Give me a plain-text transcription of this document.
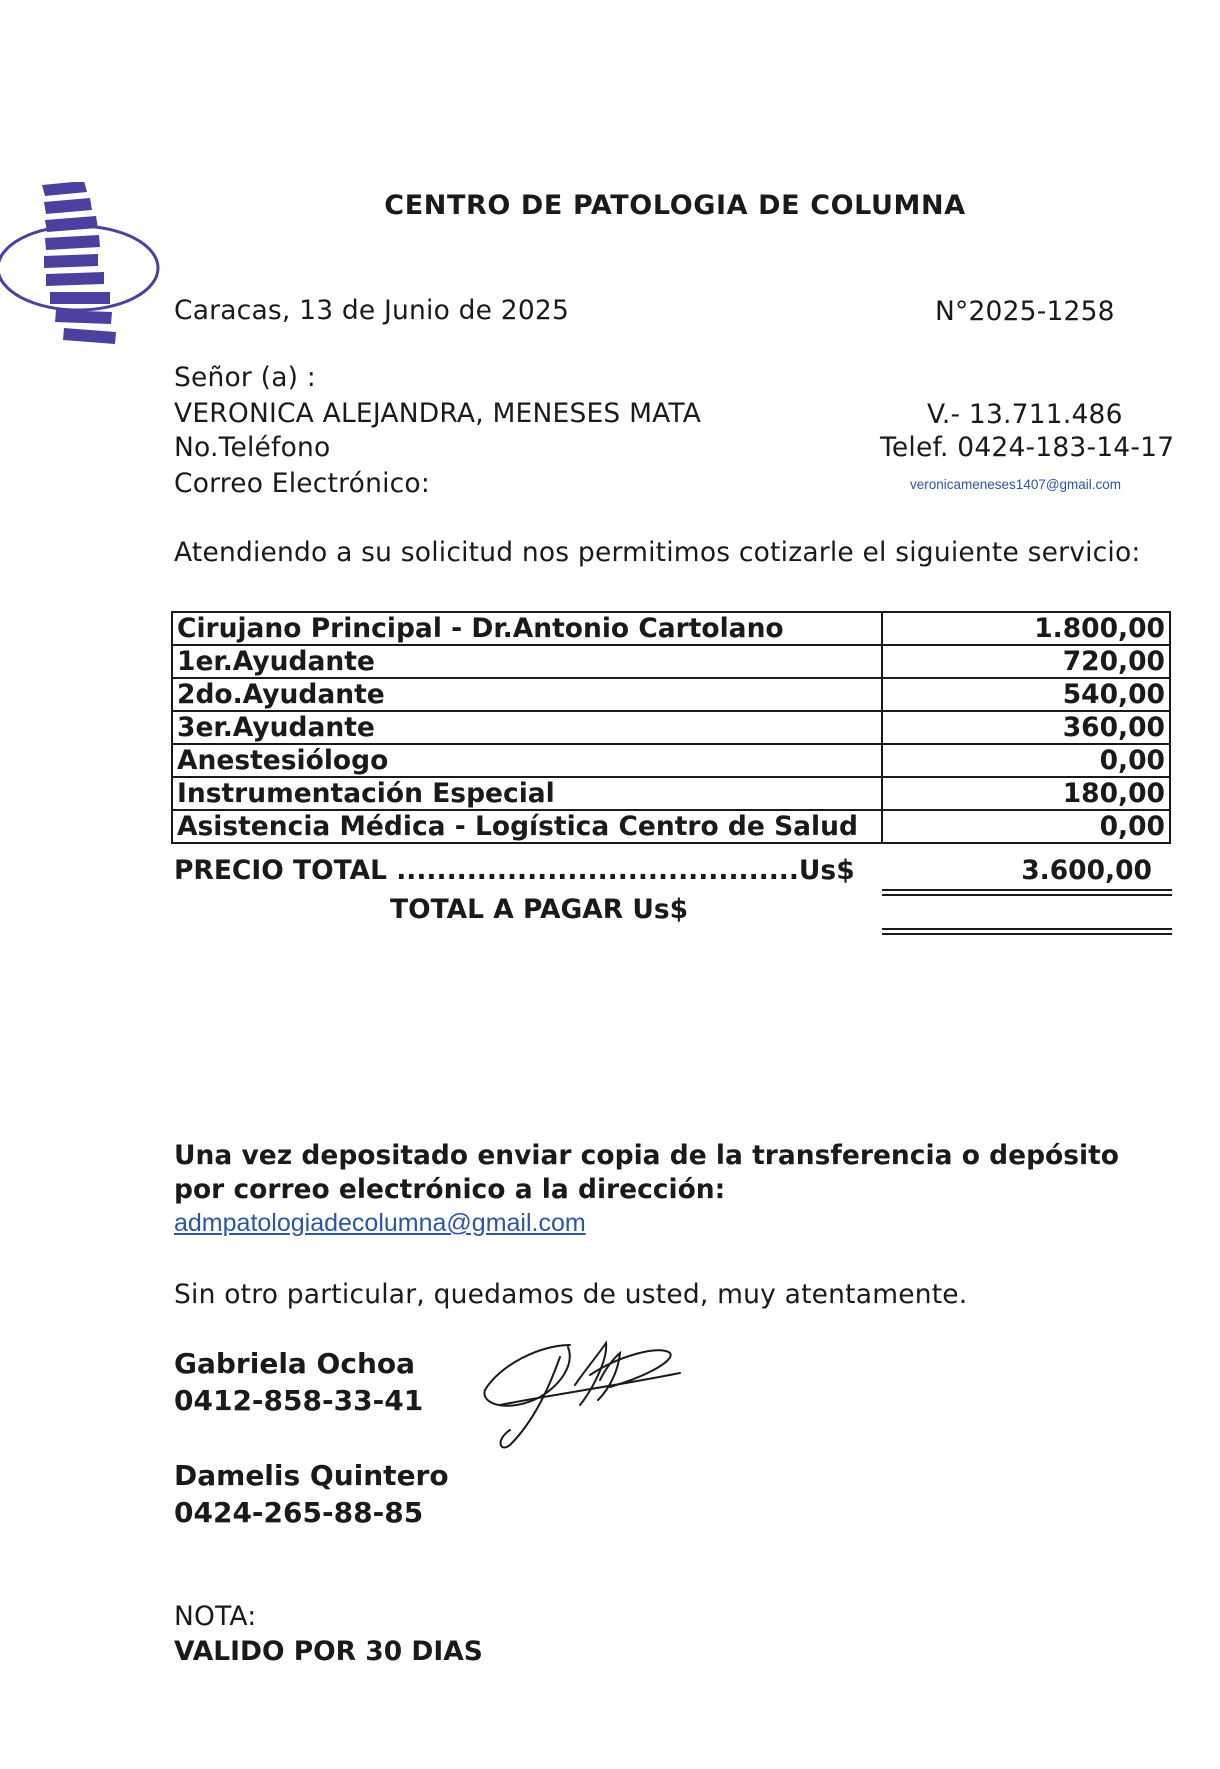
CENTRO DE PATOLOGIA DE COLUMNA
Caracas, 13 de Junio de 2025	N°2025-1258
Señor (a) :
VERONICA ALEJANDRA, MENESES MATA	V.- 13.711.486
No.Teléfono	Telef. 0424-183-14-17
Correo Electrónico:	veronicameneses1407@gmail.com
Atendiendo a su solicitud nos permitimos cotizarle el siguiente servicio:
Cirujano Principal - Dr.Antonio Cartolano	1.800,00
1er.Ayudante	720,00
2do.Ayudante	540,00
3er.Ayudante	360,00
Anestesiólogo	0,00
Instrumentación Especial	180,00
Asistencia Médica - Logística Centro de Salud	0,00
PRECIO TOTAL ........................................Us$	3.600,00
TOTAL A PAGAR Us$
Una vez depositado enviar copia de la transferencia o depósito
por correo electrónico a la dirección:
admpatologiadecolumna@gmail.com
Sin otro particular, quedamos de usted, muy atentamente.
Gabriela Ochoa
0412-858-33-41
Damelis Quintero
0424-265-88-85
NOTA:
VALIDO POR 30 DIAS
